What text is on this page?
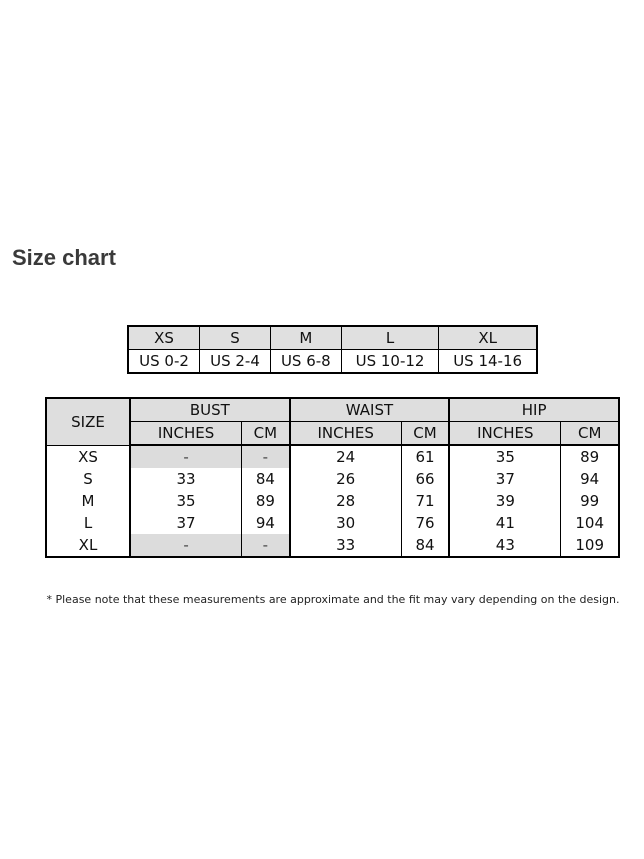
Size chart
XS	S	M	L	XL
US 0-2	US 2-4	US 6-8	US 10-12	US 14-16
SIZE	BUST		WAIST		HIP	
	INCHES	CM	INCHES	CM	INCHES	CM
XS	-	-	24	61	35	89
S	33	84	26	66	37	94
M	35	89	28	71	39	99
L	37	94	30	76	41	104
XL	-	-	33	84	43	109

* Please note that these measurements are approximate and the fit may vary depending on the design.
